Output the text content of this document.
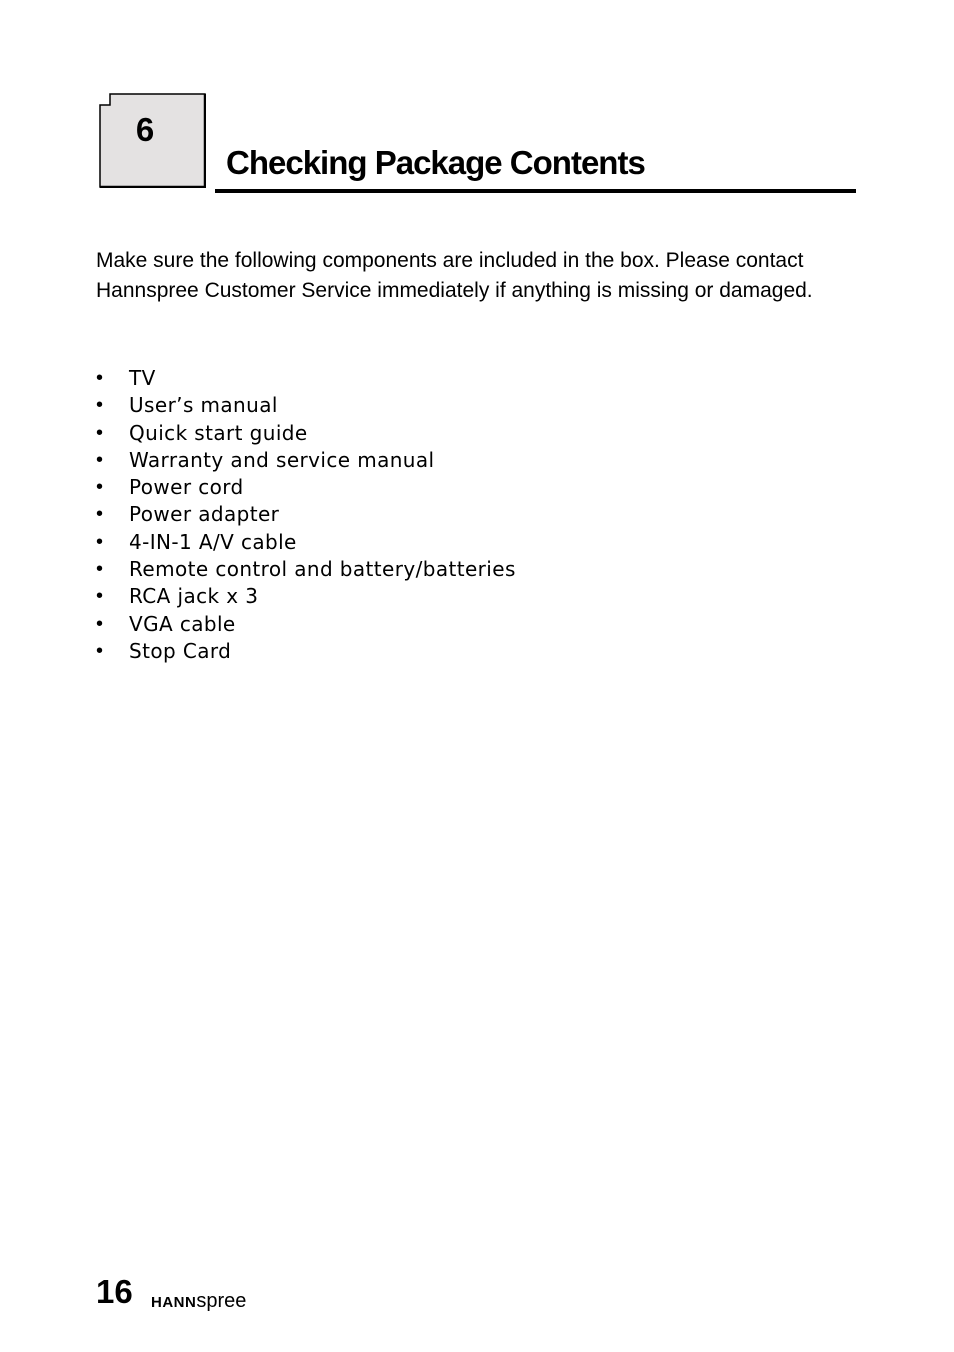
6
Checking Package Contents

Make sure the following components are included in the box. Please contact Hannspree Customer Service immediately if anything is missing or damaged.

• TV
• User’s manual
• Quick start guide
• Warranty and service manual
• Power cord
• Power adapter
• 4-IN-1 A/V cable
• Remote control and battery/batteries
• RCA jack x 3
• VGA cable
• Stop Card
16 HANNspree
